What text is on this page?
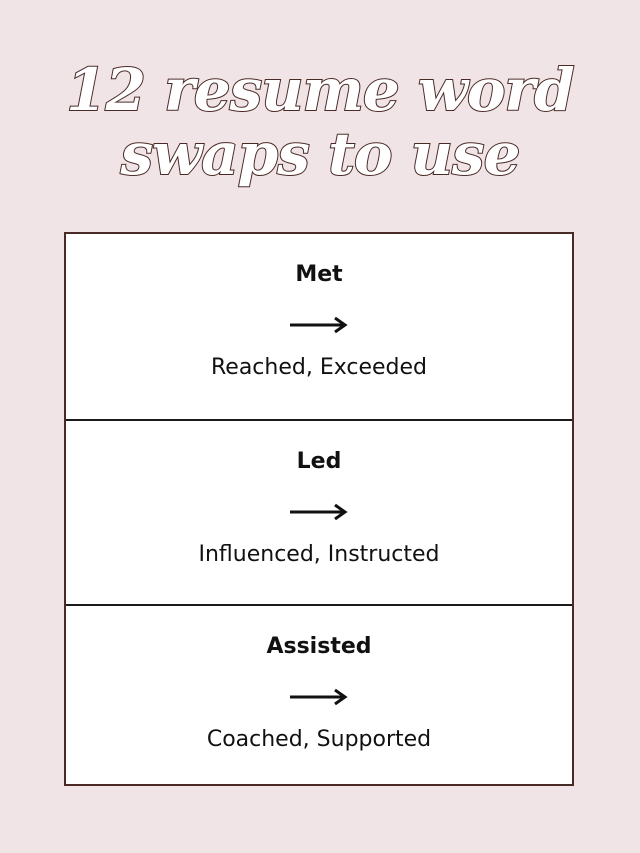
12 resume word
swaps to use
Met
Reached, Exceeded
Led
Influenced, Instructed
Assisted
Coached, Supported
